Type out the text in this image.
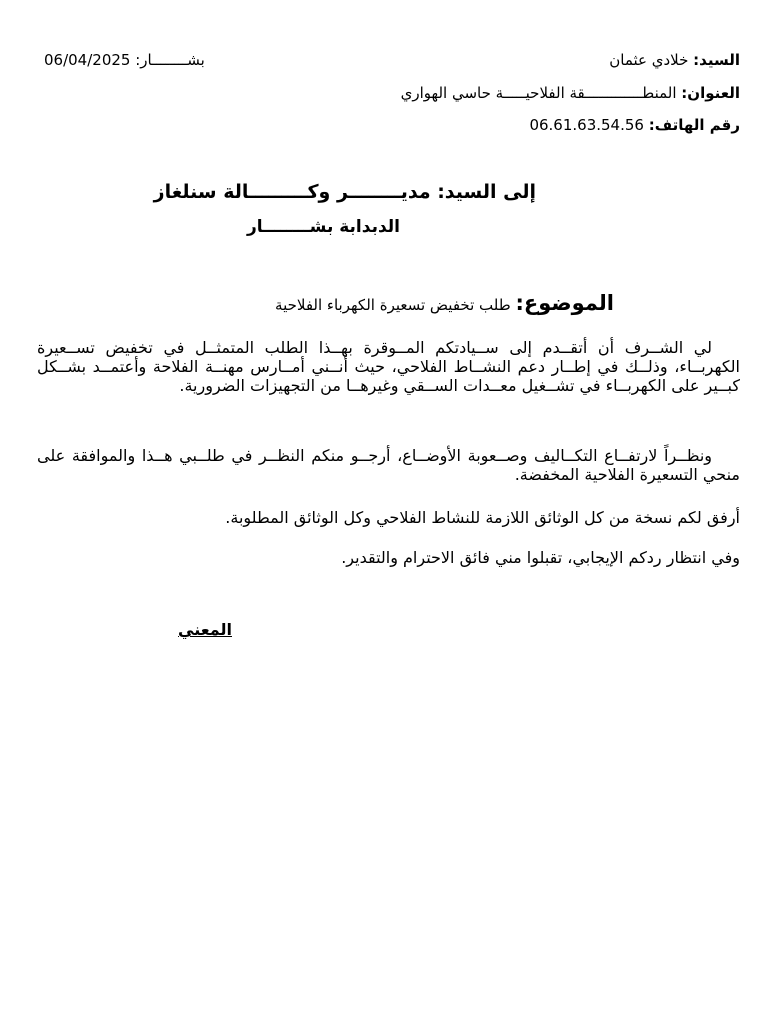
السيد: خلادي عثمان
بشــــــــار: 06/04/2025
العنوان: المنطـــــــــــــقة الفلاحيـــــة حاسي الهواري
رقم الهاتف: 06.61.63.54.56
إلى السيد: مديــــــــر وكـــــــــالة سنلغاز
الدبدابة بشــــــــار
الموضوع: طلب تخفيض تسعيرة الكهرباء الفلاحية

لي الشــرف أن أتقــدم إلى ســيادتكم المــوقرة بهــذا الطلب المتمثــل في تخفيض تســعيرة الكهربــاء، وذلــك في إطــار دعم النشــاط الفلاحي، حيث أنــني أمــارس مهنــة الفلاحة وأعتمــد بشــكل كبــير على الكهربــاء في تشــغيل معــدات الســقي وغيرهــا من التجهيزات الضرورية.

ونظــراً لارتفــاع التكــاليف وصــعوبة الأوضــاع، أرجــو منكم النظــر في طلــبي هــذا والموافقة على منحي التسعيرة الفلاحية المخفضة.

أرفق لكم نسخة من كل الوثائق اللازمة للنشاط الفلاحي وكل الوثائق المطلوبة.

وفي انتظار ردكم الإيجابي، تقبلوا مني فائق الاحترام والتقدير.

المعني
